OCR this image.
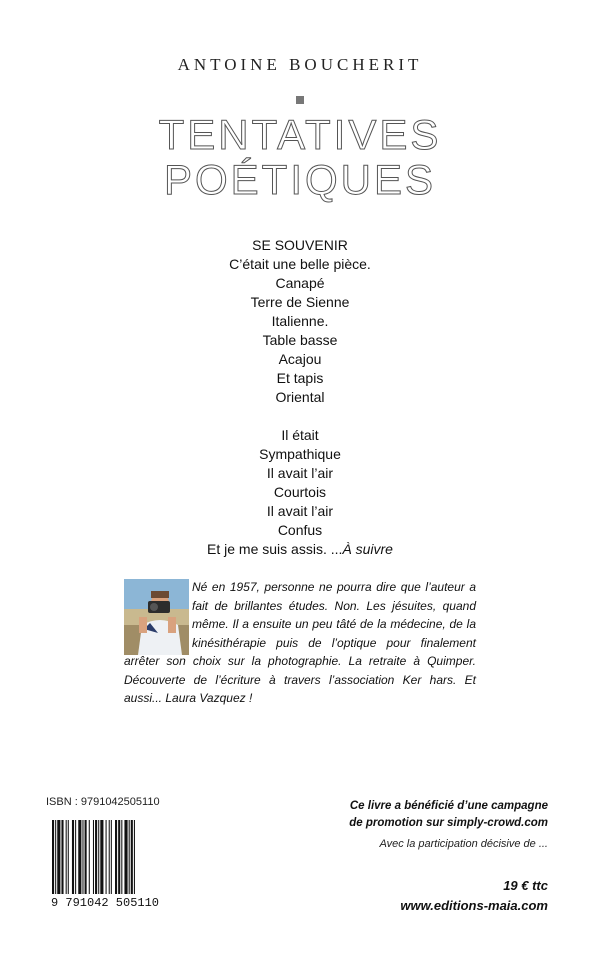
ANTOINE BOUCHERIT
TENTATIVES
POÉTIQUES
SE SOUVENIR
C’était une belle pièce.
Canapé
Terre de Sienne
Italienne.
Table basse
Acajou
Et tapis
Oriental
Il était
Sympathique
Il avait l’air
Courtois
Il avait l’air
Confus
Et je me suis assis. ...À suivre
Né en 1957, personne ne pourra dire que l’auteur a fait de brillantes études. Non. Les jésuites, quand même. Il a ensuite un peu tâté de la médecine, de la kinésithérapie puis de l’optique pour finalement arrêter son choix sur la photographie. La retraite à Quimper. Découverte de l’écriture à travers l’association Ker hars. Et aussi... Laura Vazquez !
ISBN : 9791042505110
9 791042 505110
Ce livre a bénéficié d’une campagne
de promotion sur simply-crowd.com
Avec la participation décisive de ...
19 € ttc
www.editions-maia.com
